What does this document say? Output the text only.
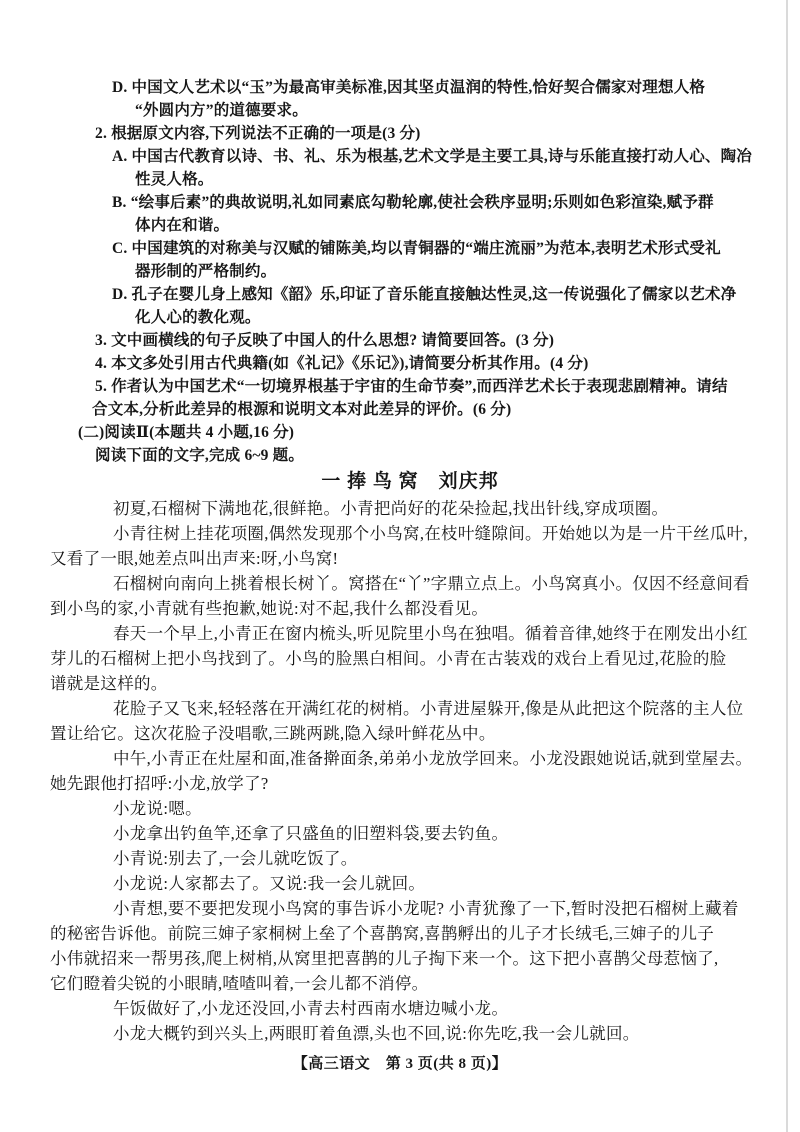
D. 中国文人艺术以“玉”为最高审美标准,因其坚贞温润的特性,恰好契合儒家对理想人格
“外圆内方”的道德要求。
2. 根据原文内容,下列说法不正确的一项是(3 分)
A. 中国古代教育以诗、书、礼、乐为根基,艺术文学是主要工具,诗与乐能直接打动人心、陶冶
性灵人格。
B. “绘事后素”的典故说明,礼如同素底勾勒轮廓,使社会秩序显明;乐则如色彩渲染,赋予群
体内在和谐。
C. 中国建筑的对称美与汉赋的铺陈美,均以青铜器的“端庄流丽”为范本,表明艺术形式受礼
器形制的严格制约。
D. 孔子在婴儿身上感知《韶》乐,印证了音乐能直接触达性灵,这一传说强化了儒家以艺术净
化人心的教化观。
3. 文中画横线的句子反映了中国人的什么思想? 请简要回答。(3 分)
4. 本文多处引用古代典籍(如《礼记》《乐记》),请简要分析其作用。(4 分)
5. 作者认为中国艺术“一切境界根基于宇宙的生命节奏”,而西洋艺术长于表现悲剧精神。请结
合文本,分析此差异的根源和说明文本对此差异的评价。(6 分)
(二)阅读Ⅱ(本题共 4 小题,16 分)
阅读下面的文字,完成 6~9 题。
一 捧 鸟 窝　刘庆邦
初夏,石榴树下满地花,很鲜艳。小青把尚好的花朵捡起,找出针线,穿成项圈。
小青往树上挂花项圈,偶然发现那个小鸟窝,在枝叶缝隙间。开始她以为是一片干丝瓜叶,
又看了一眼,她差点叫出声来:呀,小鸟窝!
石榴树向南向上挑着根长树丫。窝搭在“丫”字鼎立点上。小鸟窝真小。仅因不经意间看
到小鸟的家,小青就有些抱歉,她说:对不起,我什么都没看见。
春天一个早上,小青正在窗内梳头,听见院里小鸟在独唱。循着音律,她终于在刚发出小红
芽儿的石榴树上把小鸟找到了。小鸟的脸黑白相间。小青在古装戏的戏台上看见过,花脸的脸
谱就是这样的。
花脸子又飞来,轻轻落在开满红花的树梢。小青进屋躲开,像是从此把这个院落的主人位
置让给它。这次花脸子没唱歌,三跳两跳,隐入绿叶鲜花丛中。
中午,小青正在灶屋和面,准备擀面条,弟弟小龙放学回来。小龙没跟她说话,就到堂屋去。
她先跟他打招呼:小龙,放学了?
小龙说:嗯。
小龙拿出钓鱼竿,还拿了只盛鱼的旧塑料袋,要去钓鱼。
小青说:别去了,一会儿就吃饭了。
小龙说:人家都去了。又说:我一会儿就回。
小青想,要不要把发现小鸟窝的事告诉小龙呢? 小青犹豫了一下,暂时没把石榴树上藏着
的秘密告诉他。前院三婶子家桐树上垒了个喜鹊窝,喜鹊孵出的儿子才长绒毛,三婶子的儿子
小伟就招来一帮男孩,爬上树梢,从窝里把喜鹊的儿子掏下来一个。这下把小喜鹊父母惹恼了,
它们瞪着尖锐的小眼睛,喳喳叫着,一会儿都不消停。
午饭做好了,小龙还没回,小青去村西南水塘边喊小龙。
小龙大概钓到兴头上,两眼盯着鱼漂,头也不回,说:你先吃,我一会儿就回。
【高三语文　第 3 页(共 8 页)】
